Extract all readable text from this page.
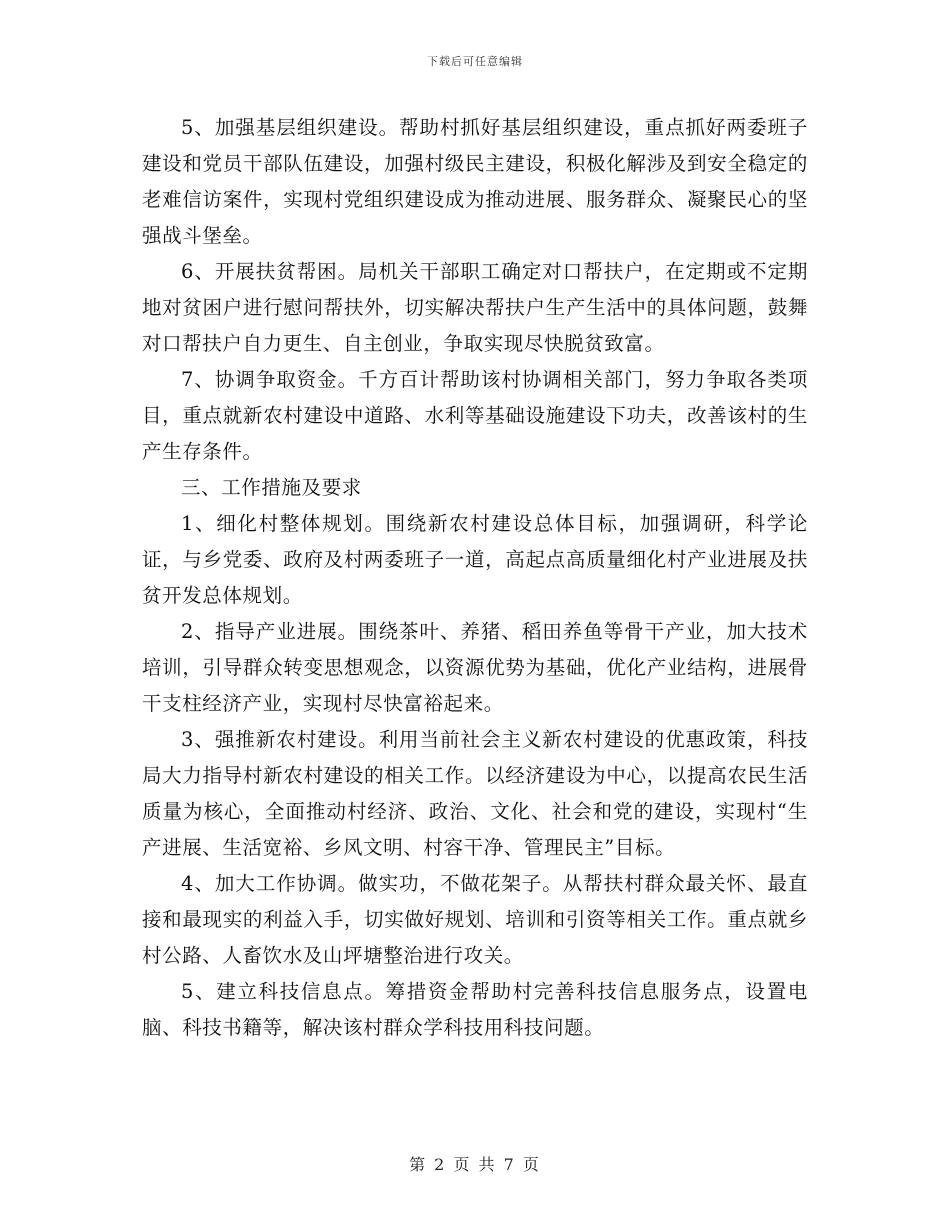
下载后可任意编辑

5、加强基层组织建设。帮助村抓好基层组织建设，重点抓好两委班子建设和党员干部队伍建设，加强村级民主建设，积极化解涉及到安全稳定的老难信访案件，实现村党组织建设成为推动进展、服务群众、凝聚民心的坚强战斗堡垒。

6、开展扶贫帮困。局机关干部职工确定对口帮扶户，在定期或不定期地对贫困户进行慰问帮扶外，切实解决帮扶户生产生活中的具体问题，鼓舞对口帮扶户自力更生、自主创业，争取实现尽快脱贫致富。

7、协调争取资金。千方百计帮助该村协调相关部门，努力争取各类项目，重点就新农村建设中道路、水利等基础设施建设下功夫，改善该村的生产生存条件。

三、工作措施及要求

1、细化村整体规划。围绕新农村建设总体目标，加强调研，科学论证，与乡党委、政府及村两委班子一道，高起点高质量细化村产业进展及扶贫开发总体规划。

2、指导产业进展。围绕茶叶、养猪、稻田养鱼等骨干产业，加大技术培训，引导群众转变思想观念，以资源优势为基础，优化产业结构，进展骨干支柱经济产业，实现村尽快富裕起来。

3、强推新农村建设。利用当前社会主义新农村建设的优惠政策，科技局大力指导村新农村建设的相关工作。以经济建设为中心，以提高农民生活质量为核心，全面推动村经济、政治、文化、社会和党的建设，实现村“生产进展、生活宽裕、乡风文明、村容干净、管理民主”目标。

4、加大工作协调。做实功，不做花架子。从帮扶村群众最关怀、最直接和最现实的利益入手，切实做好规划、培训和引资等相关工作。重点就乡村公路、人畜饮水及山坪塘整治进行攻关。

5、建立科技信息点。筹措资金帮助村完善科技信息服务点，设置电脑、科技书籍等，解决该村群众学科技用科技问题。

第 2 页 共 7 页
